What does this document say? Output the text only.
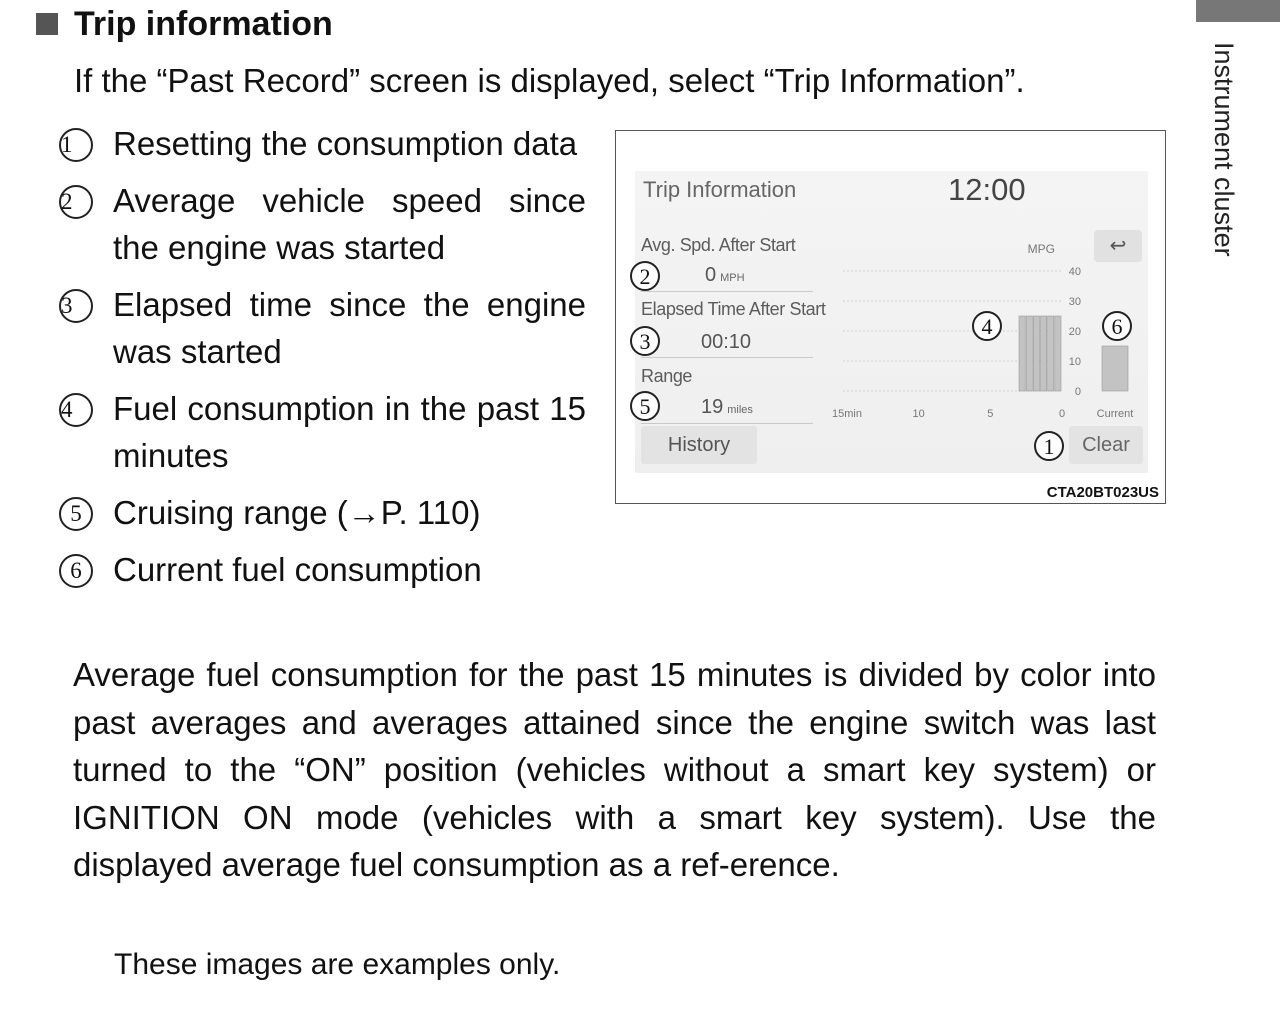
Trip information
If the “Past Record” screen is displayed, select “Trip Information”.
1	Resetting the consumption data
2	Average vehicle speed since the engine was started
3	Elapsed time since the engine was started
4	Fuel consumption in the past 15 minutes
5 Cruising range (→P. 110)
6 Current fuel consumption

Average fuel consumption for the past 15 minutes is divided by color into past averages and averages attained since the engine switch was last turned to the “ON” position (vehicles without a smart key system) or IGNITION ON mode (vehicles with a smart key system). Use the displayed average fuel consumption as a ref-erence.

These images are examples only.
Instrument cluster
Trip Information	12:00
↩
Avg. Spd. After Start
0 MPH
Elapsed Time After Start
00:10
Range
19 miles
40
30
20
10
0
MPG
15min	10	5	0	Current
History	Clear
2
3
5
4	6
1
CTA20BT023US
